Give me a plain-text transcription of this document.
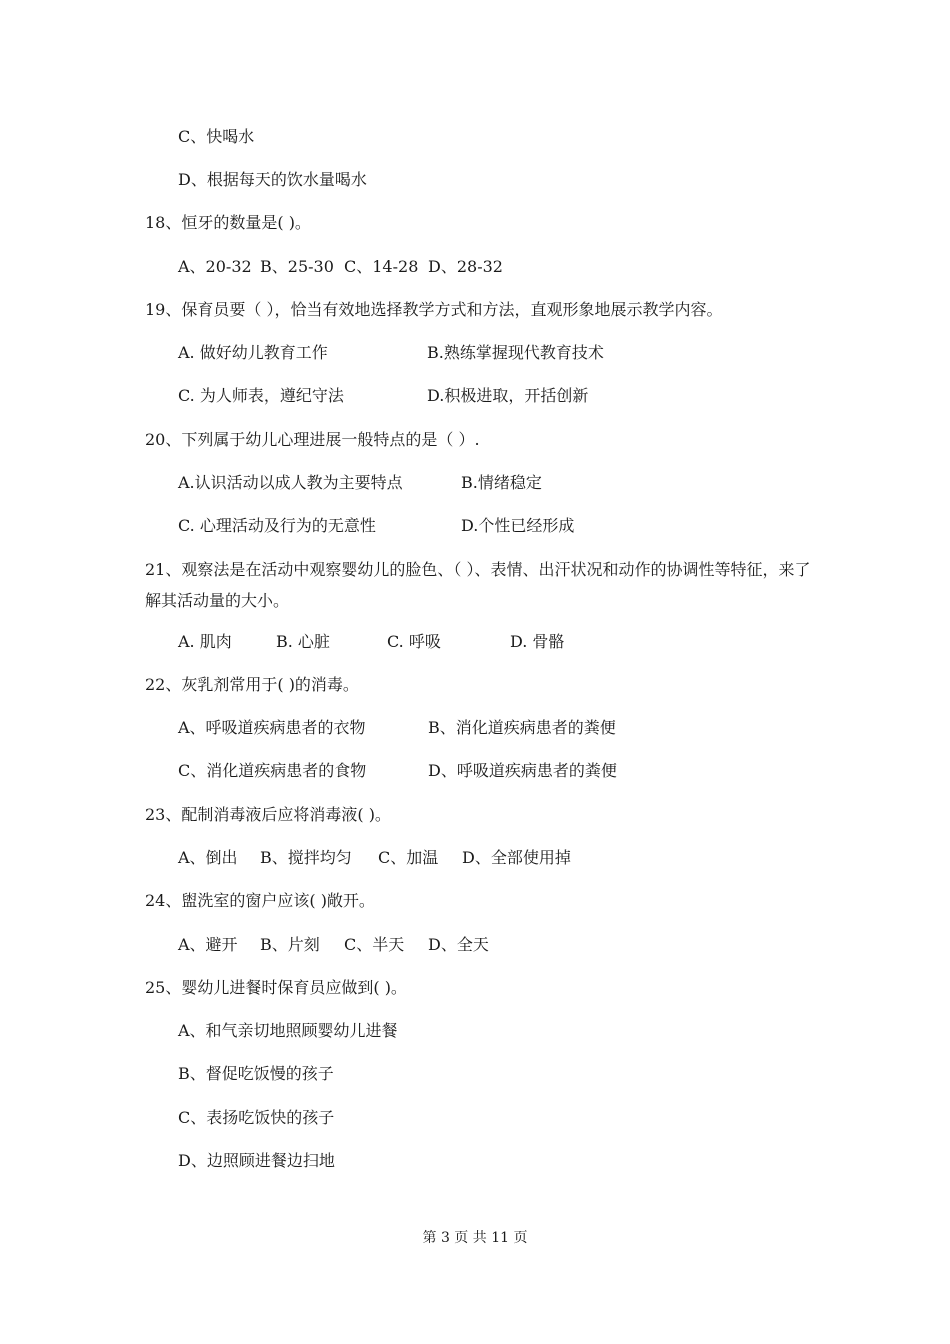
C、快喝水
D、根据每天的饮水量喝水
18、恒牙的数量是( )。
A、20-32 B、25-30 C、14-28 D、28-32
19、保育员要（ ），恰当有效地选择教学方式和方法，直观形象地展示教学内容。
A. 做好幼儿教育工作	B.熟练掌握现代教育技术
C. 为人师表，遵纪守法	D.积极进取，开括创新
20、下列属于幼儿心理进展一般特点的是（ ）.
A.认识活动以成人教为主要特点	B.情绪稳定
C. 心理活动及行为的无意性	D.个性已经形成
21、观察法是在活动中观察婴幼儿的脸色、（ ）、表情、出汗状况和动作的协调性等特征，来了解其活动量的大小。
A. 肌肉	B. 心脏	C. 呼吸	D. 骨骼
22、灰乳剂常用于( )的消毒。
A、呼吸道疾病患者的衣物	B、消化道疾病患者的粪便
C、消化道疾病患者的食物	D、呼吸道疾病患者的粪便
23、配制消毒液后应将消毒液( )。
A、倒出 B、搅拌均匀 C、加温 D、全部使用掉
24、盥洗室的窗户应该( )敞开。
A、避开 B、片刻 C、半天 D、全天
25、婴幼儿进餐时保育员应做到( )。
A、和气亲切地照顾婴幼儿进餐
B、督促吃饭慢的孩子
C、表扬吃饭快的孩子
D、边照顾进餐边扫地
第 3 页 共 11 页
